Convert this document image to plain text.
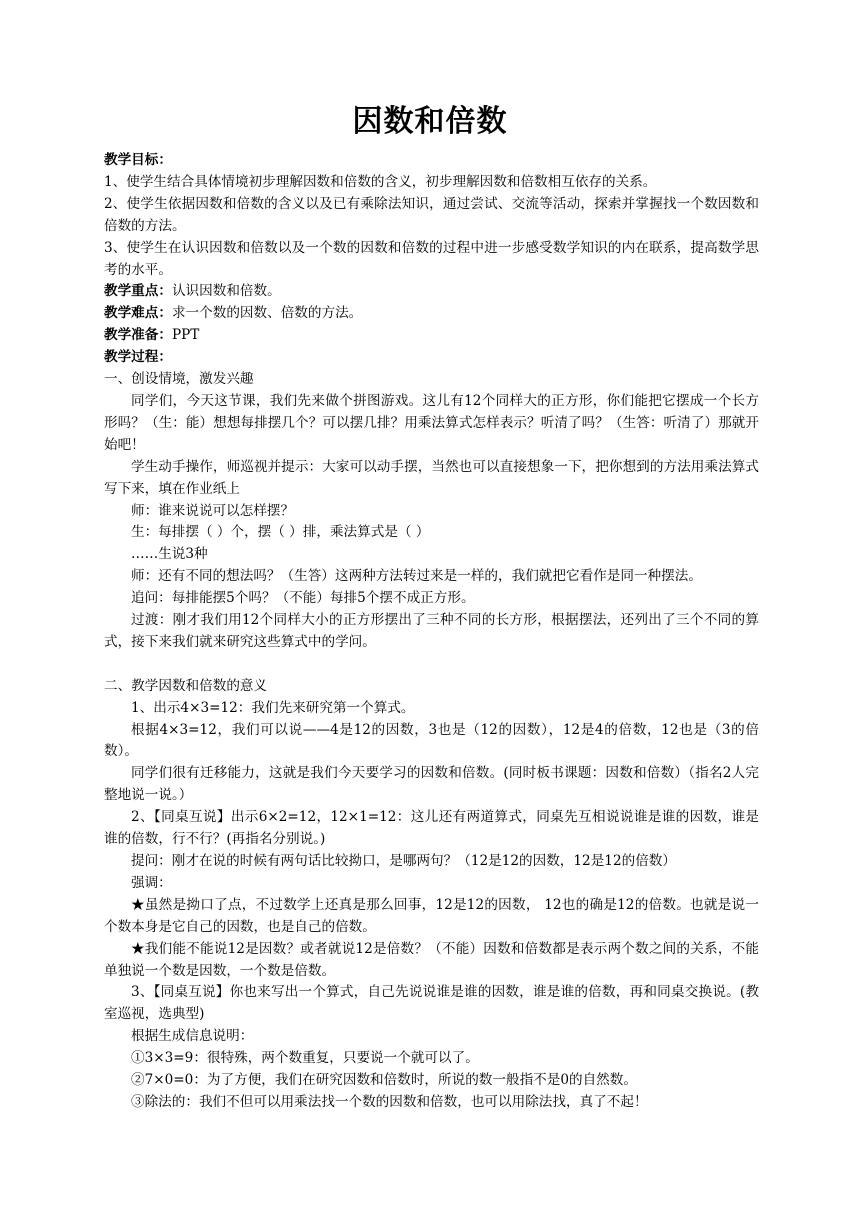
因数和倍数

教学目标：

1、使学生结合具体情境初步理解因数和倍数的含义，初步理解因数和倍数相互依存的关系。

2、使学生依据因数和倍数的含义以及已有乘除法知识，通过尝试、交流等活动，探索并掌握找一个数因数和倍数的方法。

3、使学生在认识因数和倍数以及一个数的因数和倍数的过程中进一步感受数学知识的内在联系，提高数学思考的水平。

教学重点：认识因数和倍数。

教学难点：求一个数的因数、倍数的方法。

教学准备：PPT

教学过程：

一、创设情境，激发兴趣

同学们，今天这节课，我们先来做个拼图游戏。这儿有12个同样大的正方形，你们能把它摆成一个长方形吗？（生：能）想想每排摆几个？可以摆几排？用乘法算式怎样表示？听清了吗？（生答：听清了）那就开始吧！

学生动手操作，师巡视并提示：大家可以动手摆，当然也可以直接想象一下，把你想到的方法用乘法算式写下来，填在作业纸上

师：谁来说说可以怎样摆？

生：每排摆（ ）个，摆（ ）排，乘法算式是（ ）

……生说3种

师：还有不同的想法吗？（生答）这两种方法转过来是一样的，我们就把它看作是同一种摆法。

追问：每排能摆5个吗？（不能）每排5个摆不成正方形。

过渡：刚才我们用12个同样大小的正方形摆出了三种不同的长方形，根据摆法，还列出了三个不同的算式，接下来我们就来研究这些算式中的学问。

二、教学因数和倍数的意义

1、出示4×3=12：我们先来研究第一个算式。

根据4×3=12，我们可以说——4是12的因数，3也是（12的因数），12是4的倍数，12也是（3的倍数）。

同学们很有迁移能力，这就是我们今天要学习的因数和倍数。(同时板书课题：因数和倍数）（指名2人完整地说一说。）

2、【同桌互说】出示6×2=12，12×1=12：这儿还有两道算式，同桌先互相说说谁是谁的因数，谁是谁的倍数，行不行？(再指名分别说。)

提问：刚才在说的时候有两句话比较拗口，是哪两句？（12是12的因数，12是12的倍数）

强调：

★虽然是拗口了点，不过数学上还真是那么回事，12是12的因数， 12也的确是12的倍数。也就是说一个数本身是它自己的因数，也是自己的倍数。

★我们能不能说12是因数？或者就说12是倍数？（不能）因数和倍数都是表示两个数之间的关系，不能单独说一个数是因数，一个数是倍数。

3、【同桌互说】你也来写出一个算式，自己先说说谁是谁的因数，谁是谁的倍数，再和同桌交换说。(教室巡视，选典型)

根据生成信息说明：

①3×3=9：很特殊，两个数重复，只要说一个就可以了。

②7×0=0：为了方便，我们在研究因数和倍数时，所说的数一般指不是0的自然数。

③除法的：我们不但可以用乘法找一个数的因数和倍数，也可以用除法找，真了不起！
